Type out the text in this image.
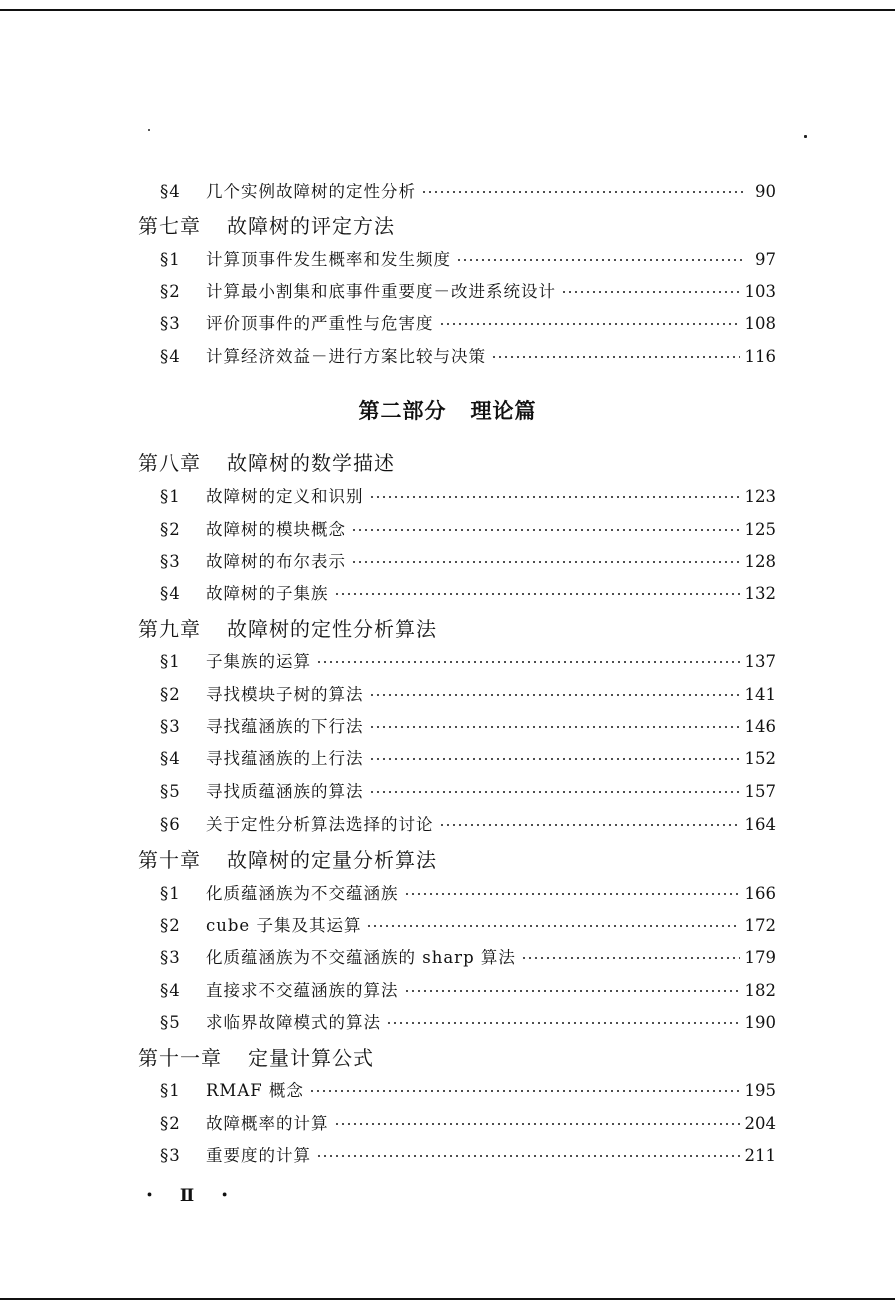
§4	几个实例故障树的定性分析	90
第七章 故障树的评定方法
§1	计算顶事件发生概率和发生频度	97
§2	计算最小割集和底事件重要度－改进系统设计	103
§3	评价顶事件的严重性与危害度	108
§4	计算经济效益－进行方案比较与决策	116
第二部分 理论篇
第八章 故障树的数学描述
§1	故障树的定义和识别	123
§2	故障树的模块概念	125
§3	故障树的布尔表示	128
§4	故障树的子集族	132
第九章 故障树的定性分析算法
§1	子集族的运算	137
§2	寻找模块子树的算法	141
§3	寻找蕴涵族的下行法	146
§4	寻找蕴涵族的上行法	152
§5	寻找质蕴涵族的算法	157
§6	关于定性分析算法选择的讨论	164
第十章 故障树的定量分析算法
§1	化质蕴涵族为不交蕴涵族	166
§2	cube 子集及其运算	172
§3	化质蕴涵族为不交蕴涵族的 sharp 算法	179
§4	直接求不交蕴涵族的算法	182
§5	求临界故障模式的算法	190
第十一章 定量计算公式
§1	RMAF 概念	195
§2	故障概率的计算	204
§3	重要度的计算	211
・ Ⅱ ・
